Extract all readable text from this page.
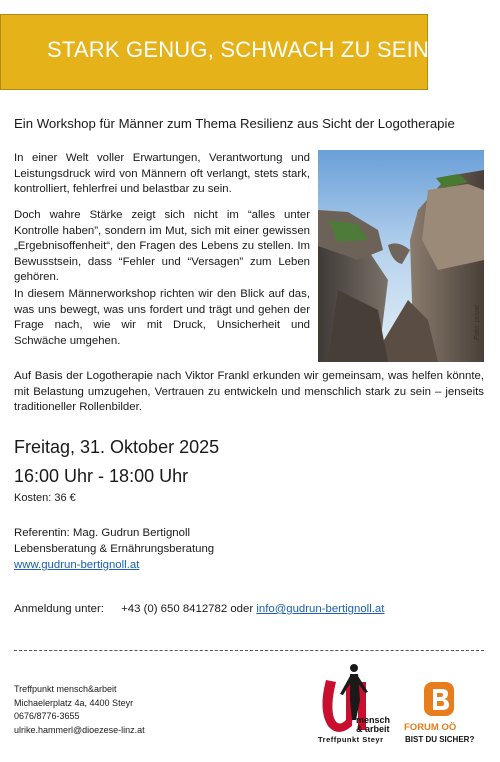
STARK GENUG, SCHWACH ZU SEIN
Ein Workshop für Männer zum Thema Resilienz aus Sicht der Logotherapie

In einer Welt voller Erwartungen, Verantwortung und Leistungsdruck wird von Männern oft verlangt, stets stark, kontrolliert, fehlerfrei und belastbar zu sein.

Doch wahre Stärke zeigt sich nicht im “alles unter Kontrolle haben”, sondern im Mut, sich mit einer gewissen „Ergebnisoffenheit“, den Fragen des Lebens zu stellen. Im Bewusstsein, dass “Fehler und “Versagen” zum Leben gehören.

In diesem Männerworkshop richten wir den Blick auf das, was uns bewegt, was uns fordert und trägt und gehen der Frage nach, wie wir mit Druck, Unsicherheit und Schwäche umgehen.

Foto: privat

Auf Basis der Logotherapie nach Viktor Frankl erkunden wir gemeinsam, was helfen könnte, mit Belastung umzugehen, Vertrauen zu entwickeln und menschlich stark zu sein – jenseits traditioneller Rollenbilder.

Freitag, 31. Oktober 2025
16:00 Uhr - 18:00 Uhr
Kosten: 36 €
Referentin: Mag. Gudrun Bertignoll
Lebensberatung & Ernährungsberatung
www.gudrun-bertignoll.at
Anmeldung unter: +43 (0) 650 8412782 oder info@gudrun-bertignoll.at
Treffpunkt mensch&arbeit
Michaelerplatz 4a, 4400 Steyr
0676/8776-3655
ulrike.hammerl@dioezese-linz.at
mensch
& arbeit
Treffpunkt Steyr
FORUM OÖ
BIST DU SICHER?
